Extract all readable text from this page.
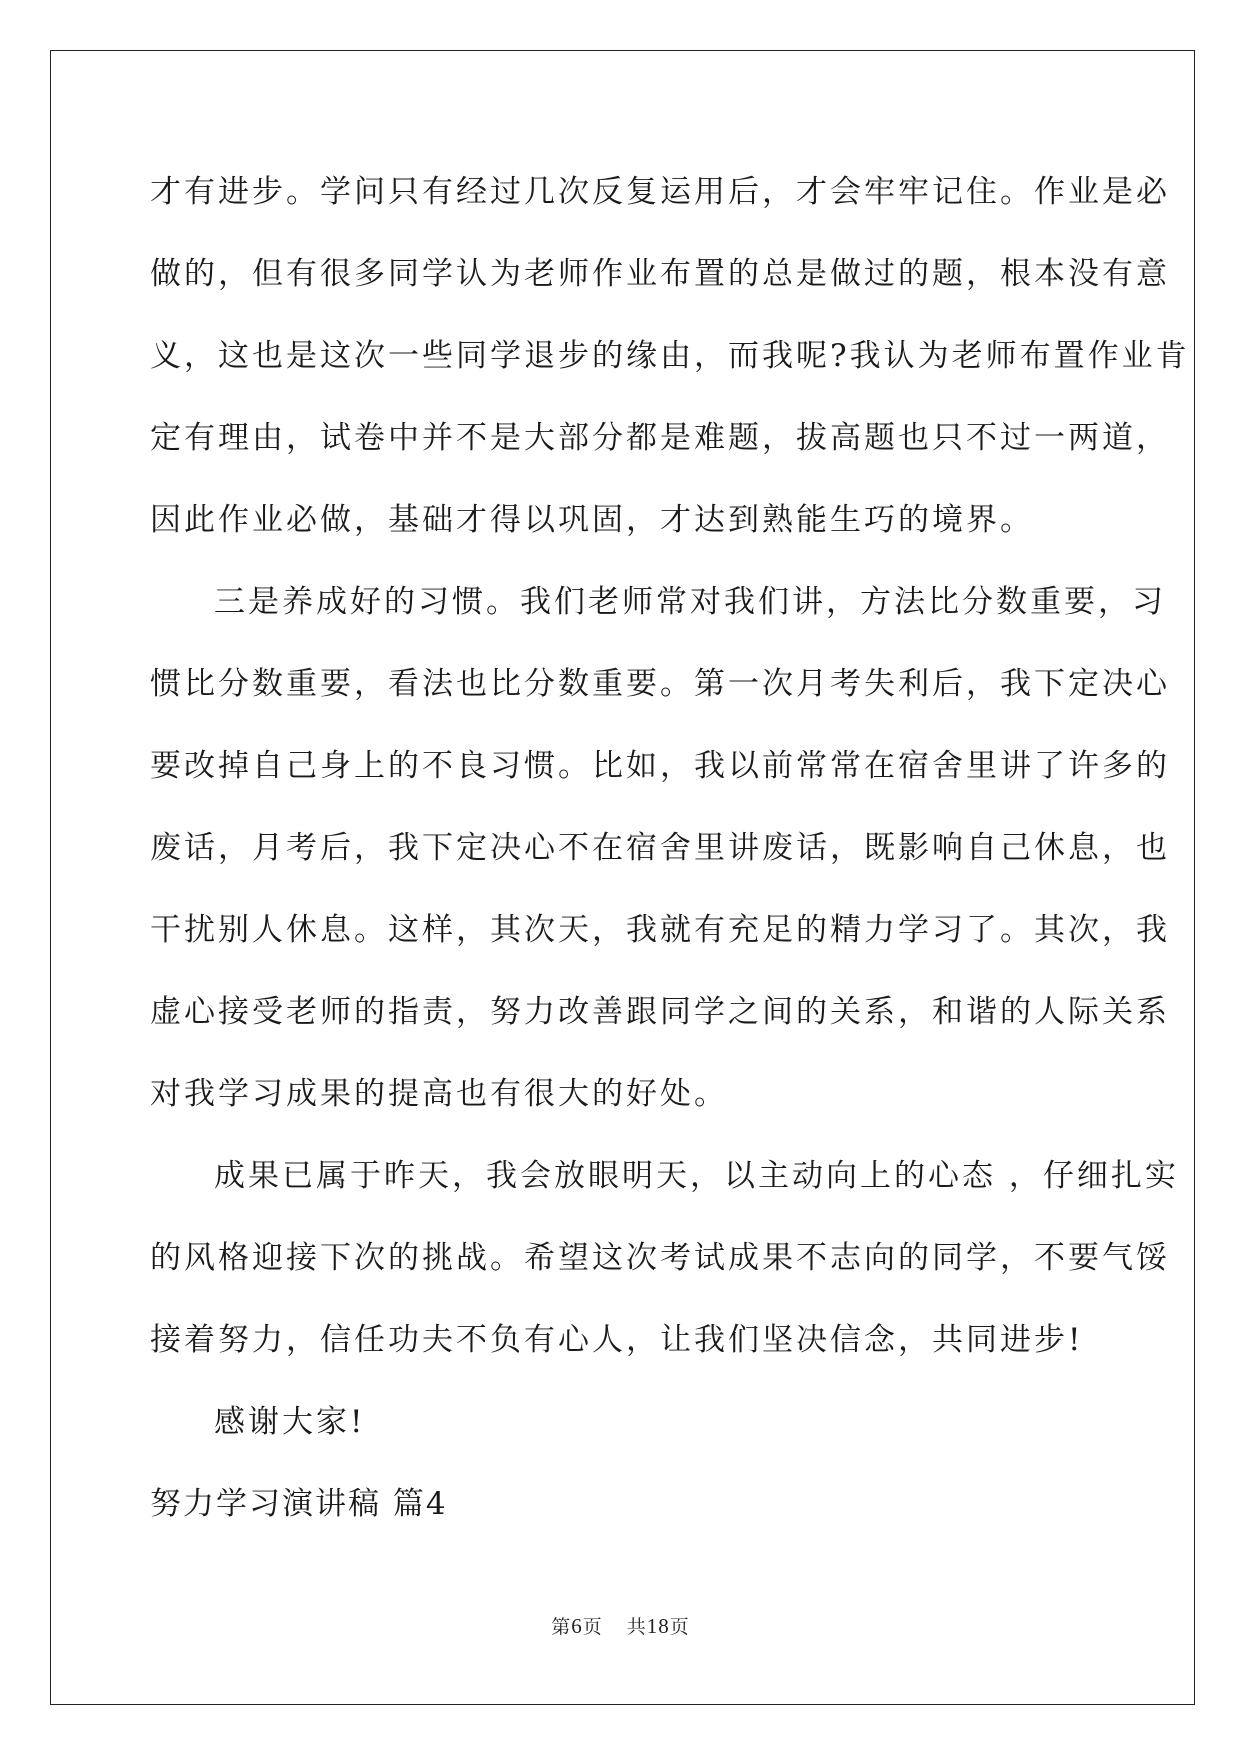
才有进步。学问只有经过几次反复运用后，才会牢牢记住。作业是必
做的，但有很多同学认为老师作业布置的总是做过的题，根本没有意
义，这也是这次一些同学退步的缘由，而我呢?我认为老师布置作业肯
定有理由，试卷中并不是大部分都是难题，拔高题也只不过一两道，
因此作业必做，基础才得以巩固，才达到熟能生巧的境界。
三是养成好的习惯。我们老师常对我们讲，方法比分数重要，习
惯比分数重要，看法也比分数重要。第一次月考失利后，我下定决心
要改掉自己身上的不良习惯。比如，我以前常常在宿舍里讲了许多的
废话，月考后，我下定决心不在宿舍里讲废话，既影响自己休息，也
干扰别人休息。这样，其次天，我就有充足的精力学习了。其次，我
虚心接受老师的指责，努力改善跟同学之间的关系，和谐的人际关系
对我学习成果的提高也有很大的好处。
成果已属于昨天，我会放眼明天，以主动向上的心态 ，仔细扎实
的风格迎接下次的挑战。希望这次考试成果不志向的同学，不要气馁
接着努力，信任功夫不负有心人，让我们坚决信念，共同进步!
感谢大家!
努力学习演讲稿 篇4
第6页 共18页
